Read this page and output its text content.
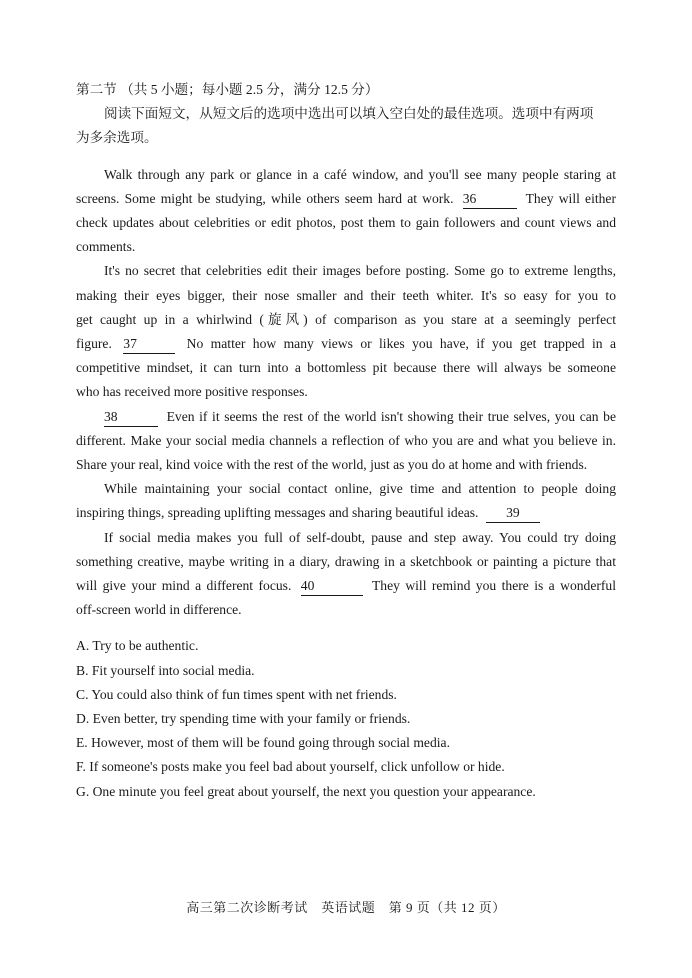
第二节 （共 5 小题；每小题 2.5 分，满分 12.5 分）
阅读下面短文，从短文后的选项中选出可以填入空白处的最佳选项。选项中有两项
为多余选项。
Walk through any park or glance in a café window, and you'll see many people staring at
screens. Some might be studying, while others seem hard at work. 36	They will either
check updates about celebrities or edit photos, post them to gain followers and count views and
comments.
It's no secret that celebrities edit their images before posting. Some go to extreme lengths,
making their eyes bigger, their nose smaller and their teeth whiter. It's so easy for you to
get caught up in a whirlwind (旋风) of comparison as you stare at a seemingly perfect
figure. 37	No matter how many views or likes you have, if you get trapped in a
competitive mindset, it can turn into a bottomless pit because there will always be someone
who has received more positive responses.
38	Even if it seems the rest of the world isn't showing their true selves, you can be
different. Make your social media channels a reflection of who you are and what you believe in.
Share your real, kind voice with the rest of the world, just as you do at home and with friends.
While maintaining your social contact online, give time and attention to people doing
inspiring things, spreading uplifting messages and sharing beautiful ideas. 39
If social media makes you full of self-doubt, pause and step away. You could try doing
something creative, maybe writing in a diary, drawing in a sketchbook or painting a picture that
will give your mind a different focus. 40	They will remind you there is a wonderful
off-screen world in difference.
A. Try to be authentic.
B. Fit yourself into social media.
C. You could also think of fun times spent with net friends.
D. Even better, try spending time with your family or friends.
E. However, most of them will be found going through social media.
F. If someone's posts make you feel bad about yourself, click unfollow or hide.
G. One minute you feel great about yourself, the next you question your appearance.
高三第二次诊断考试　英语试题　第 9 页（共 12 页）
